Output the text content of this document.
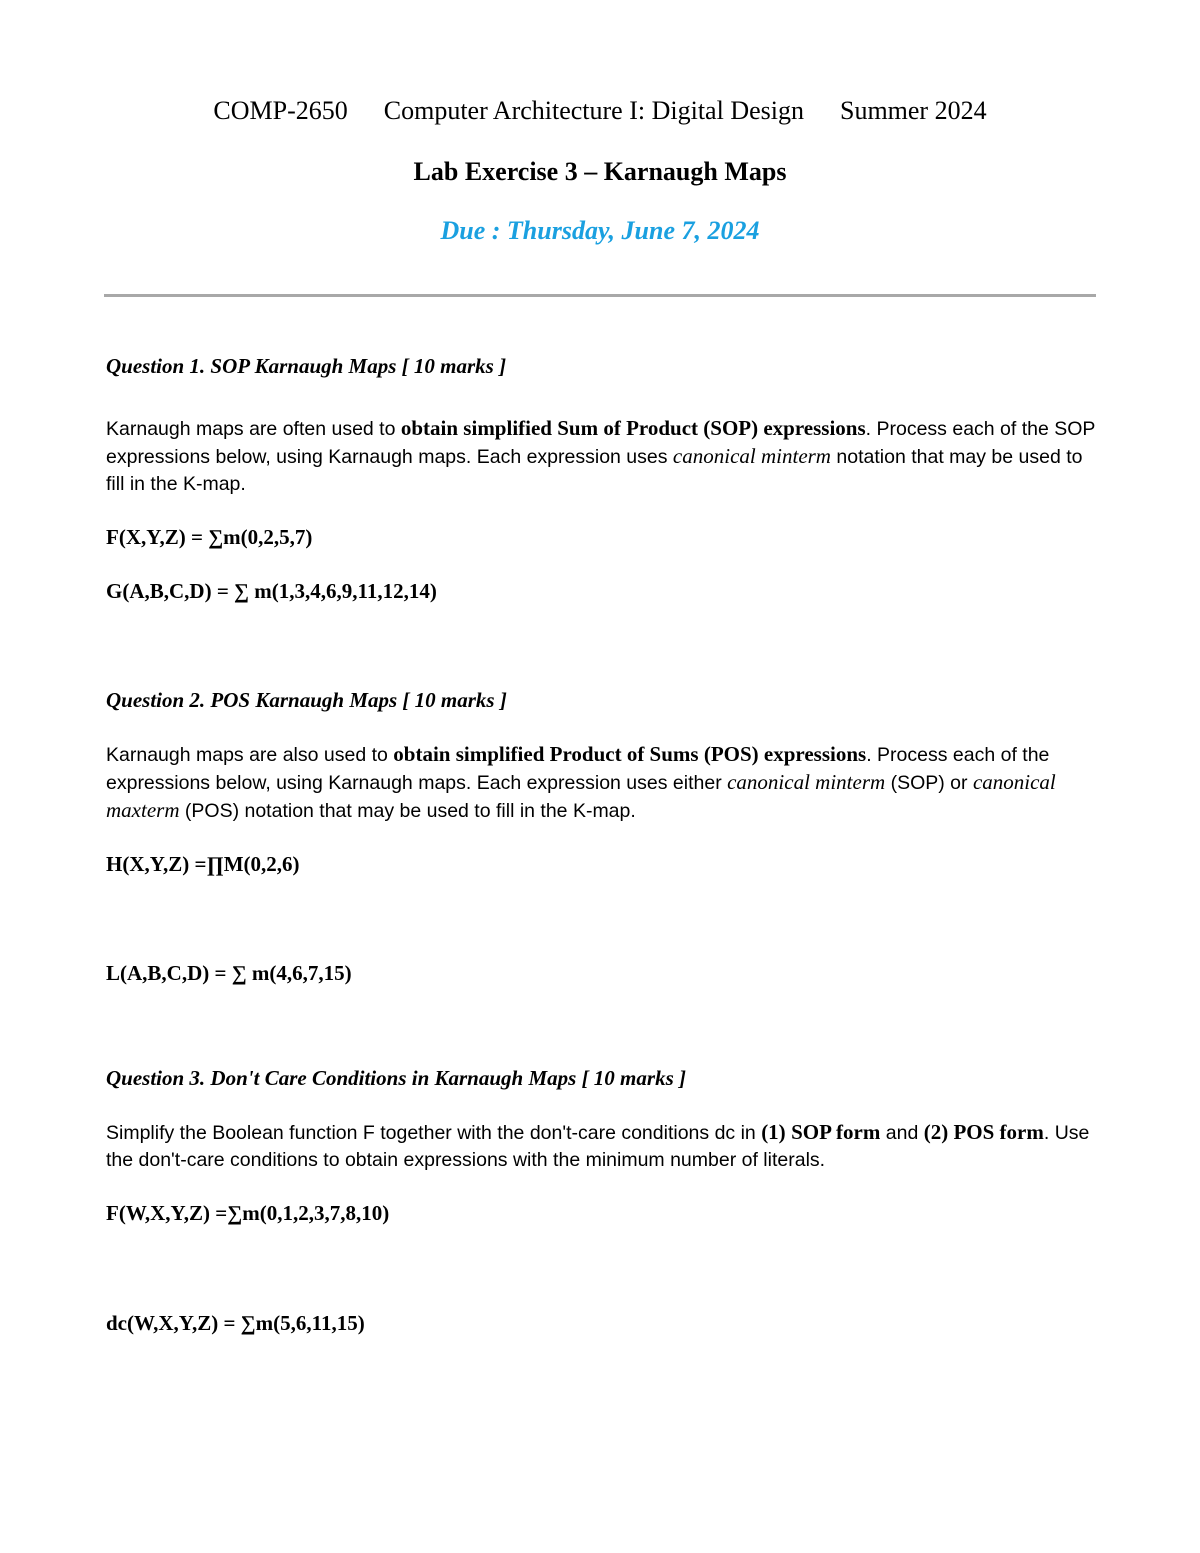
COMP-2650 Computer Architecture I: Digital Design Summer 2024
Lab Exercise 3 – Karnaugh Maps
Due : Thursday, June 7, 2024
Question 1. SOP Karnaugh Maps [ 10 marks ]
Karnaugh maps are often used to obtain simplified Sum of Product (SOP) expressions. Process each of the SOP expressions below, using Karnaugh maps. Each expression uses canonical minterm notation that may be used to fill in the K-map.
F(X,Y,Z) = ∑m(0,2,5,7)
G(A,B,C,D) = ∑ m(1,3,4,6,9,11,12,14)
Question 2. POS Karnaugh Maps [ 10 marks ]
Karnaugh maps are also used to obtain simplified Product of Sums (POS) expressions. Process each of the expressions below, using Karnaugh maps. Each expression uses either canonical minterm (SOP) or canonical maxterm (POS) notation that may be used to fill in the K-map.
H(X,Y,Z) =∏M(0,2,6)
L(A,B,C,D) = ∑ m(4,6,7,15)
Question 3. Don't Care Conditions in Karnaugh Maps [ 10 marks ]
Simplify the Boolean function F together with the don't-care conditions dc in (1) SOP form and (2) POS form. Use the don't-care conditions to obtain expressions with the minimum number of literals.
F(W,X,Y,Z) =∑m(0,1,2,3,7,8,10)
dc(W,X,Y,Z) = ∑m(5,6,11,15)
